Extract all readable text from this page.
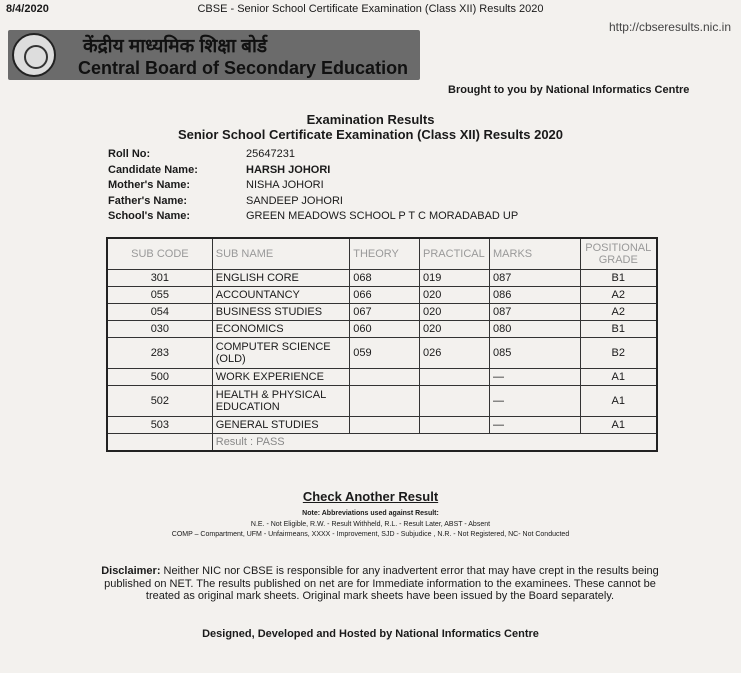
CBSE - Senior School Certificate Examination (Class XII) Results 2020
8/4/2020
http://cbseresults.nic.in
केंद्रीय माध्यमिक शिक्षा बोर्ड
Central Board of Secondary Education
Brought to you by National Informatics Centre
Examination Results
Senior School Certificate Examination (Class XII) Results 2020
Roll No:	25647231
Candidate Name:	HARSH JOHORI
Mother's Name:	NISHA JOHORI
Father's Name:	SANDEEP JOHORI
School's Name:	GREEN MEADOWS SCHOOL P T C MORADABAD UP
SUB CODE	SUB NAME	THEORY	PRACTICAL	MARKS	POSITIONAL GRADE
301	ENGLISH CORE	068	019	087	B1
055	ACCOUNTANCY	066	020	086	A2
054	BUSINESS STUDIES	067	020	087	A2
030	ECONOMICS	060	020	080	B1
283	COMPUTER SCIENCE (OLD)	059	026	085	B2
500	WORK EXPERIENCE			—	A1
502	HEALTH & PHYSICAL EDUCATION			—	A1
503	GENERAL STUDIES			—	A1
	Result : PASS				
Check Another Result
Note: Abbreviations used against Result:
N.E. - Not Eligible, R.W. - Result Withheld, R.L. - Result Later, ABST - Absent
COMP – Compartment, UFM - Unfairmeans, XXXX - Improvement, SJD - Subjudice , N.R. - Not Registered, NC- Not Conducted
Disclaimer: Neither NIC nor CBSE is responsible for any inadvertent error that may have crept in the results being published on NET. The results published on net are for Immediate information to the examinees. These cannot be treated as original mark sheets. Original mark sheets have been issued by the Board separately.
Designed, Developed and Hosted by National Informatics Centre
